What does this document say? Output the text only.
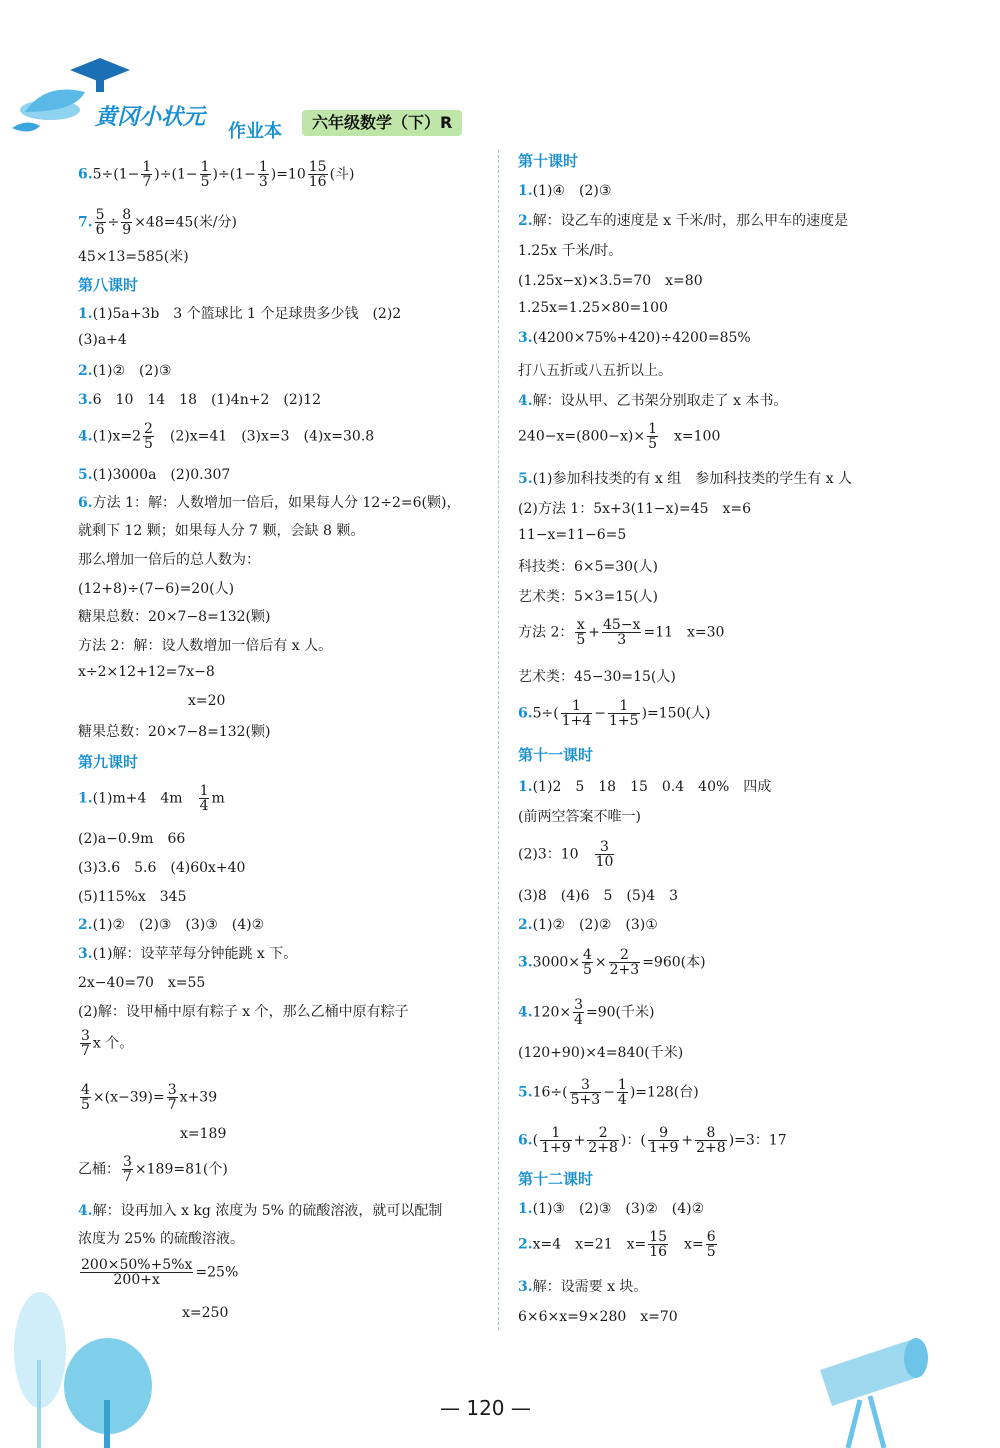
黄冈小状元
作业本	六年级数学（下）R
$6.5\div(1- \frac{1}{7} )\div(1- \frac{1}{5} )\div(1- \frac{1}{3} )=10 \frac{15}{16}$ (斗)
7. $\frac{5}{6} \div \frac{8}{9} \times 48=45$(米/分)
45×13=585(米)
第八课时
1.(1)5a+3b　3 个篮球比 1 个足球贵多少钱　(2)2
(3)a+4
2.(1)②　(2)③
3.6　10　14　18　(1)4n+2　(2)12
$4.(1)x=2 \frac{2}{5}$ 　(2)x=41　(3)x=3　(4)x=30.8
5.(1)3000a　(2)0.307
6.方法 1：解：人数增加一倍后，如果每人分 12÷2=6(颗)，
就剩下 12 颗；如果每人分 7 颗，会缺 8 颗。
那么增加一倍后的总人数为：
(12+8)÷(7−6)=20(人)
糖果总数：20×7−8=132(颗)
方法 2：解：设人数增加一倍后有 x 人。
x÷2×12+12=7x−8
x=20
糖果总数：20×7−8=132(颗)
第九课时
1.(1)m+4　4m　 $\frac{1}{4}$ m
(2)a−0.9m　66
(3)3.6　5.6　(4)60x+40
(5)115%x　345
2.(1)②　(2)③　(3)③　(4)②
3.(1)解：设苹苹每分钟能跳 x 下。
2x−40=70　x=55
(2)解：设甲桶中原有粽子 x 个，那么乙桶中原有粽子
$\frac{3}{7}$ x 个。
$\frac{4}{5} \times(x-39)= \frac{3}{7} x+39$
x=189
乙桶： $\frac{3}{7} \times 189=81$(个)
4.解：设再加入 x kg 浓度为 5% 的硫酸溶液，就可以配制
浓度为 25% 的硫酸溶液。
$\frac{200\times 50\%+5\%x}{200+x} =25\%$
x=250
第十课时
1.(1)④　(2)③
2.解：设乙车的速度是 x 千米/时，那么甲车的速度是
1.25x 千米/时。
(1.25x−x)×3.5=70　x=80
1.25x=1.25×80=100
3.(4200×75%+420)÷4200=85%
打八五折或八五折以上。
4.解：设从甲、乙书架分别取走了 x 本书。
$240-x=(800-x)\times \frac{1}{5}$ 　x=100
5.(1)参加科技类的有 x 组　参加科技类的学生有 x 人
(2)方法 1：5x+3(11−x)=45　x=6
11−x=11−6=5
科技类：6×5=30(人)
艺术类：5×3=15(人)
方法 2： $\frac{x}{5} + \frac{45-x}{3} =11$　x=30
艺术类：45−30=15(人)
$6.5\div( \frac{1}{1+4} - \frac{1}{1+5} )=150$(人)
第十一课时
1.(1)2　5　18　15　0.4　40%　四成
(前两空答案不唯一)
(2)3：10　 $\frac{3}{10}$
(3)8　(4)6　5　(5)4　3
2.(1)②　(2)②　(3)①
$3.3000\times \frac{4}{5} \times \frac{2}{2+3} =960$(本)
$4.120\times \frac{3}{4} =90$(千米)
(120+90)×4=840(千米)
$5.16\div( \frac{3}{5+3} - \frac{1}{4} )=128$(台)
$6.( \frac{1}{1+9} + \frac{2}{2+8}$ )：( $\frac{9}{1+9} + \frac{8}{2+8} )=3$：17
第十二课时
1.(1)③　(2)③　(3)②　(4)②
2.x=4　x=21　$x= \frac{15}{16}$ 　$x= \frac{6}{5}$
3.解：设需要 x 块。
6×6×x=9×280　x=70
— 120 —
